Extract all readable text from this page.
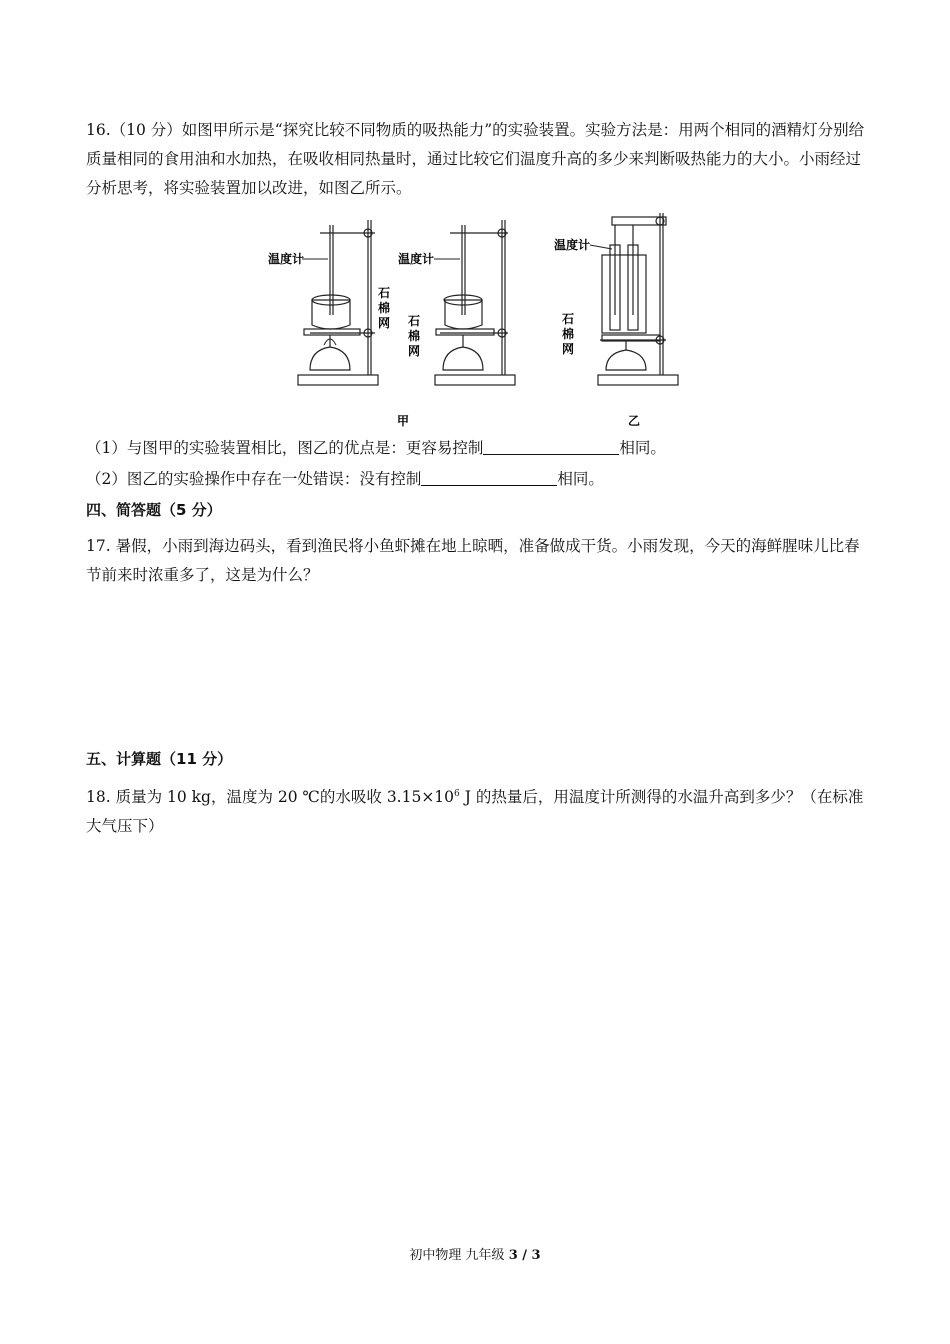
16.（10 分）如图甲所示是“探究比较不同物质的吸热能力”的实验装置。实验方法是：用两个相同的酒精灯分别给质量相同的食用油和水加热，在吸收相同热量时，通过比较它们温度升高的多少来判断吸热能力的大小。小雨经过分析思考，将实验装置加以改进，如图乙所示。
温度计
石
棉
网
温度计
石
棉
网
温度计
石
棉
网
甲	乙
（1）与图甲的实验装置相比，图乙的优点是：更容易控制	相同。
（2）图乙的实验操作中存在一处错误：没有控制	相同。
四、简答题（5 分）
17. 暑假，小雨到海边码头，看到渔民将小鱼虾摊在地上晾晒，准备做成干货。小雨发现，今天的海鲜腥味儿比春节前来时浓重多了，这是为什么？
五、计算题（11 分）
18. 质量为 10 kg，温度为 20 ℃的水吸收 $3.15\times 10^6$ J 的热量后，用温度计所测得的水温升高到多少？（在标准大气压下）
初中物理 九年级 3 / 3
